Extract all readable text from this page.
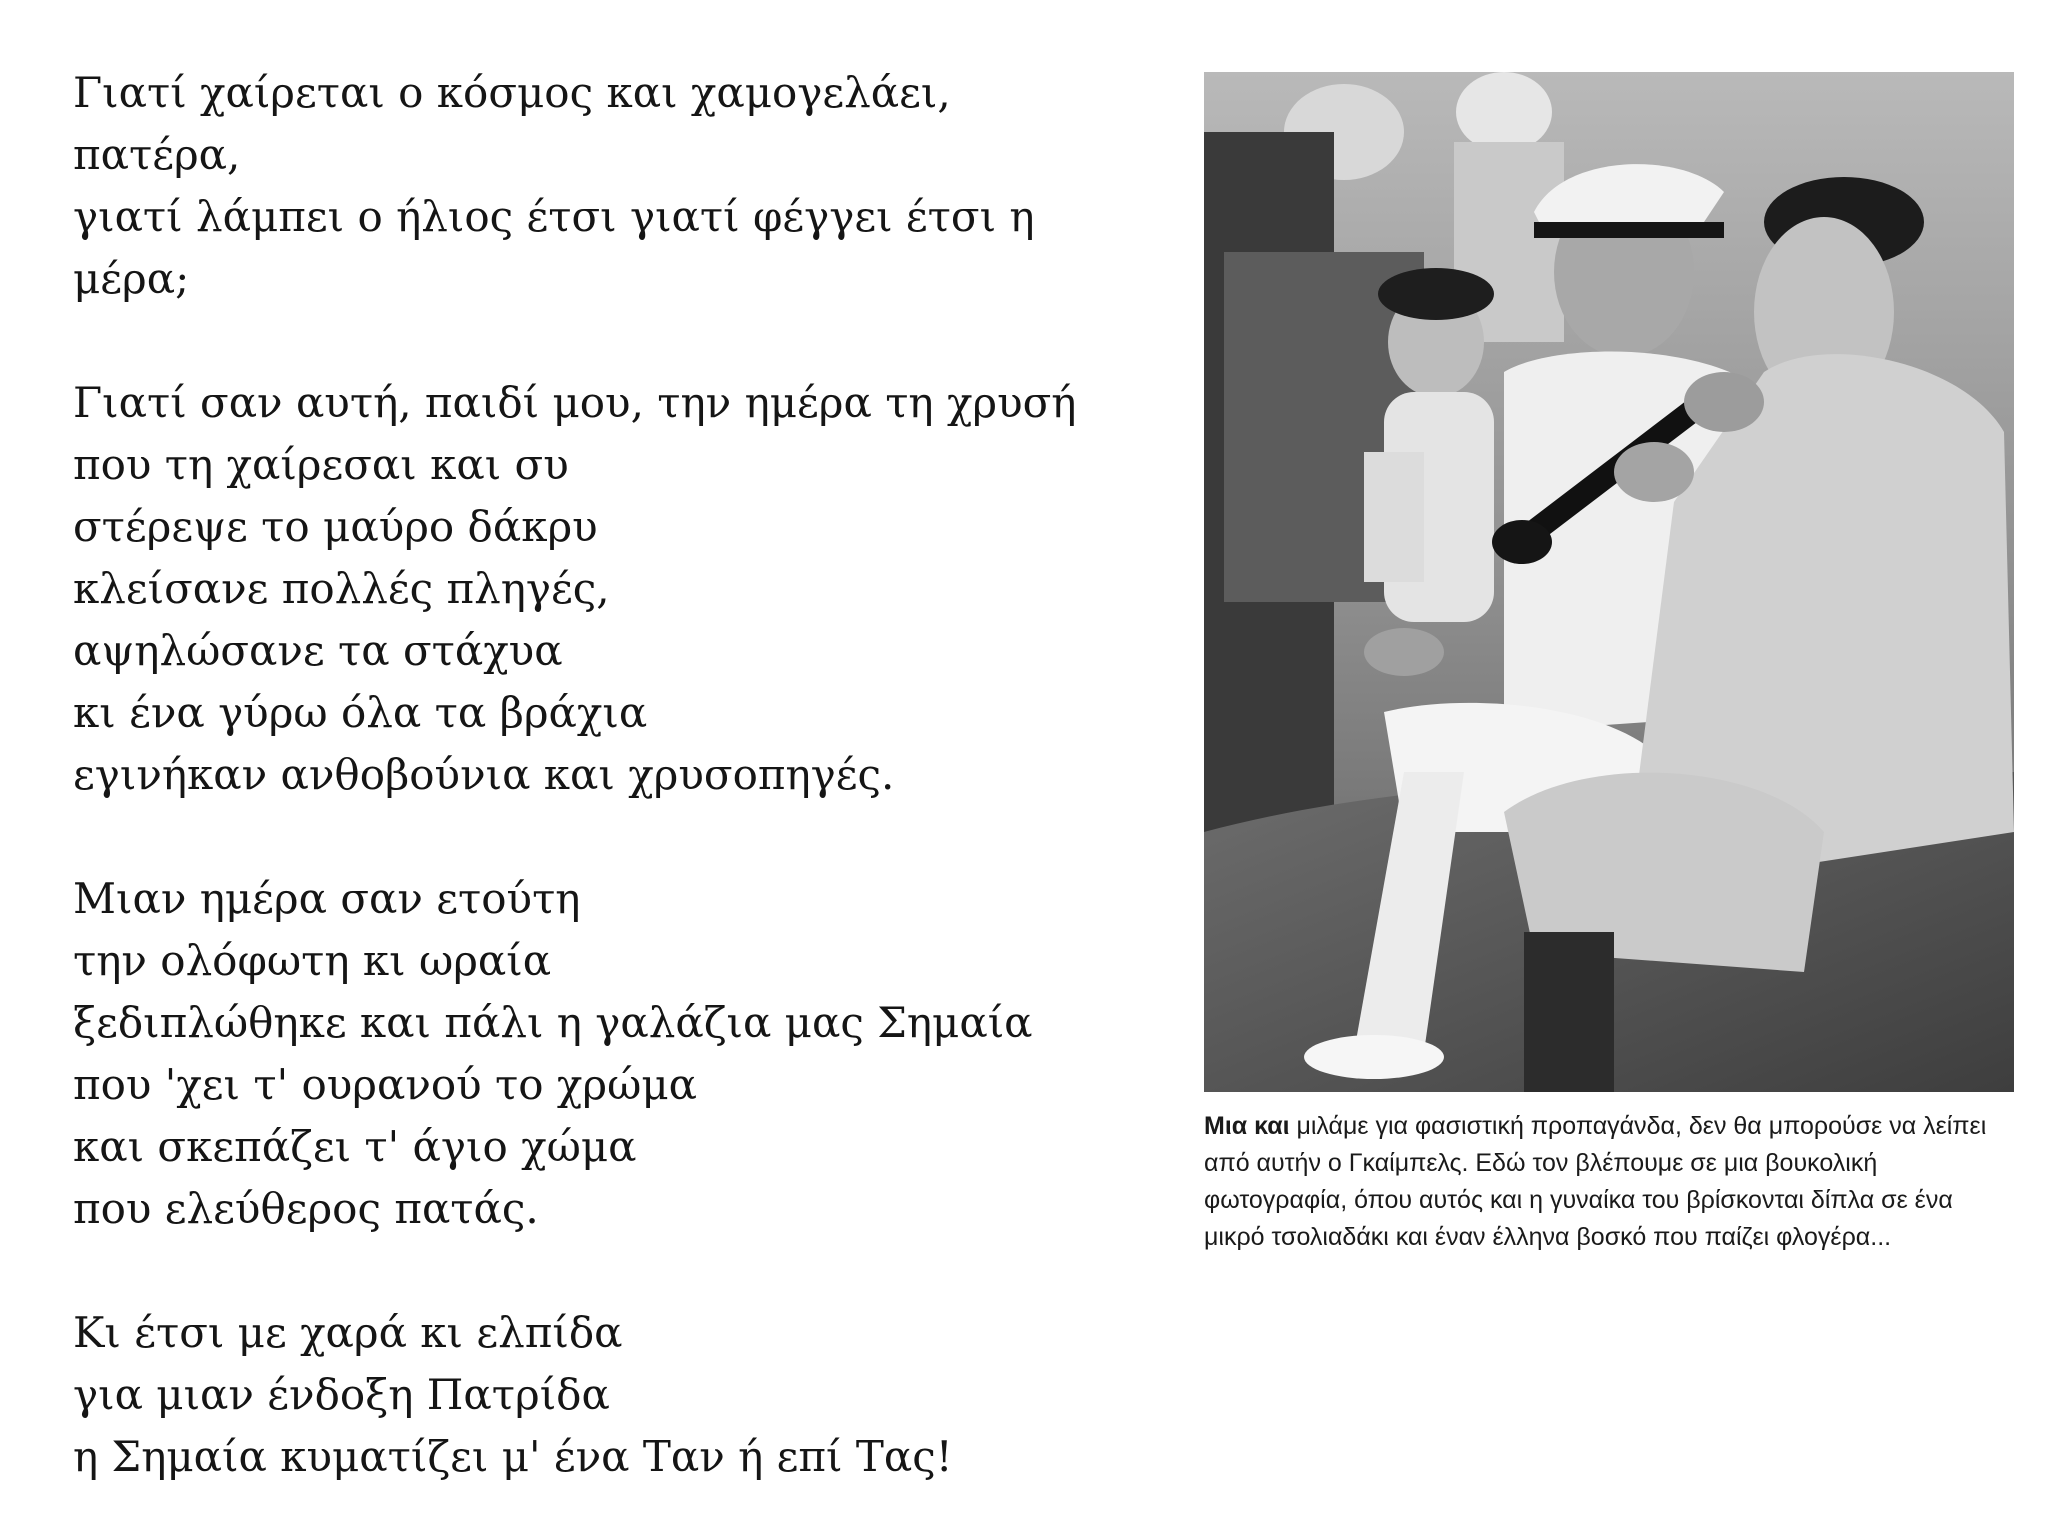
Γιατί χαίρεται ο κόσμος και χαμογελάει,
πατέρα,
γιατί λάμπει ο ήλιος έτσι γιατί φέγγει έτσι η
μέρα;
Γιατί σαν αυτή, παιδί μου, την ημέρα τη χρυσή
που τη χαίρεσαι και συ
στέρεψε το μαύρο δάκρυ
κλείσανε πολλές πληγές,
αψηλώσανε τα στάχυα
κι ένα γύρω όλα τα βράχια
εγινήκαν ανθοβούνια και χρυσοπηγές.
Μιαν ημέρα σαν ετούτη
την ολόφωτη κι ωραία
ξεδιπλώθηκε και πάλι η γαλάζια μας Σημαία
που 'χει τ' ουρανού το χρώμα
και σκεπάζει τ' άγιο χώμα
που ελεύθερος πατάς.
Κι έτσι με χαρά κι ελπίδα
για μιαν ένδοξη Πατρίδα
η Σημαία κυματίζει μ' ένα Ταν ή επί Τας!
Μια και μιλάμε για φασιστική προπαγάνδα, δεν θα μπορούσε να λείπει από αυτήν ο Γκαίμπελς. Εδώ τον βλέπουμε σε μια βουκολική φωτογραφία, όπου αυτός και η γυναίκα του βρίσκονται δίπλα σε ένα μικρό τσολιαδάκι και έναν έλληνα βοσκό που παίζει φλογέρα...
